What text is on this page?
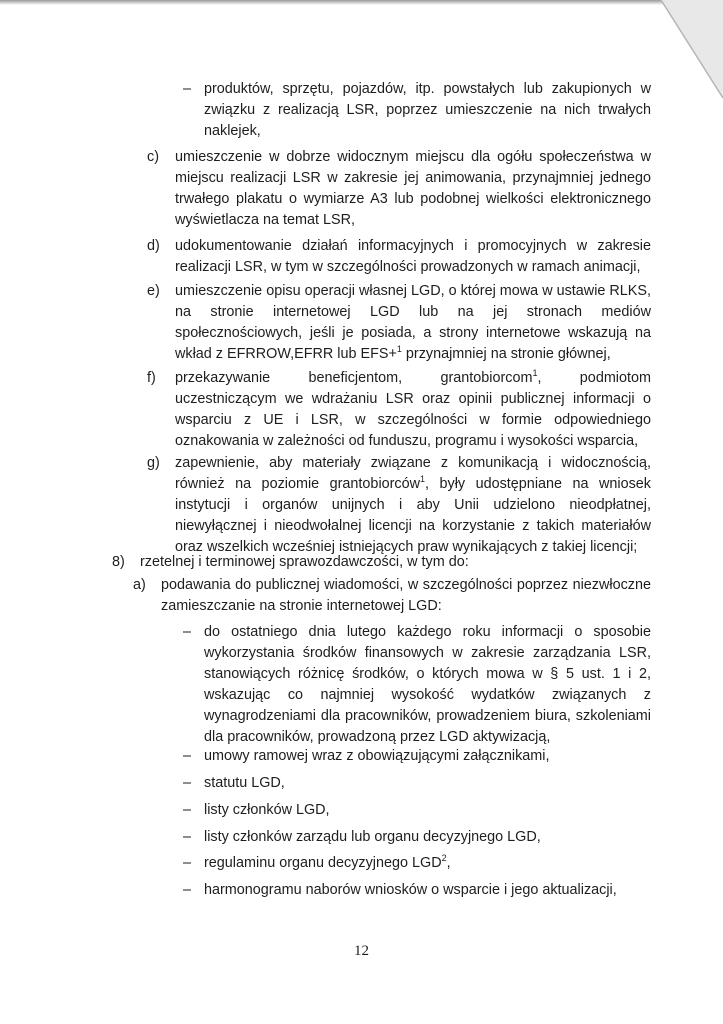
– produktów, sprzętu, pojazdów, itp. powstałych lub zakupionych w związku z realizacją LSR, poprzez umieszczenie na nich trwałych naklejek,
c) umieszczenie w dobrze widocznym miejscu dla ogółu społeczeństwa w miejscu realizacji LSR w zakresie jej animowania, przynajmniej jednego trwałego plakatu o wymiarze A3 lub podobnej wielkości elektronicznego wyświetlacza na temat LSR,
d) udokumentowanie działań informacyjnych i promocyjnych w zakresie realizacji LSR, w tym w szczególności prowadzonych w ramach animacji,
e) umieszczenie opisu operacji własnej LGD, o której mowa w ustawie RLKS, na stronie internetowej LGD lub na jej stronach mediów społecznościowych, jeśli je posiada, a strony internetowe wskazują na wkład z EFRROW,EFRR lub EFS+$^1$ przynajmniej na stronie głównej,
f) przekazywanie beneficjentom, grantobiorcom$^1$, podmiotom uczestniczącym we wdrażaniu LSR oraz opinii publicznej informacji o wsparciu z UE i LSR, w szczególności w formie odpowiedniego oznakowania w zależności od funduszu, programu i wysokości wsparcia,
g) zapewnienie, aby materiały związane z komunikacją i widocznością, również na poziomie grantobiorców$^1$, były udostępniane na wniosek instytucji i organów unijnych i aby Unii udzielono nieodpłatnej, niewyłącznej i nieodwołalnej licencji na korzystanie z takich materiałów oraz wszelkich wcześniej istniejących praw wynikających z takiej licencji;
8) rzetelnej i terminowej sprawozdawczości, w tym do:
a) podawania do publicznej wiadomości, w szczególności poprzez niezwłoczne zamieszczanie na stronie internetowej LGD:
– do ostatniego dnia lutego każdego roku informacji o sposobie wykorzystania środków finansowych w zakresie zarządzania LSR, stanowiących różnicę środków, o których mowa w § 5 ust. 1 i 2, wskazując co najmniej wysokość wydatków związanych z wynagrodzeniami dla pracowników, prowadzeniem biura, szkoleniami dla pracowników, prowadzoną przez LGD aktywizacją,
– umowy ramowej wraz z obowiązującymi załącznikami,
– statutu LGD,
– listy członków LGD,
– listy członków zarządu lub organu decyzyjnego LGD,
– regulaminu organu decyzyjnego LGD$^2$,
– harmonogramu naborów wniosków o wsparcie i jego aktualizacji,
12
